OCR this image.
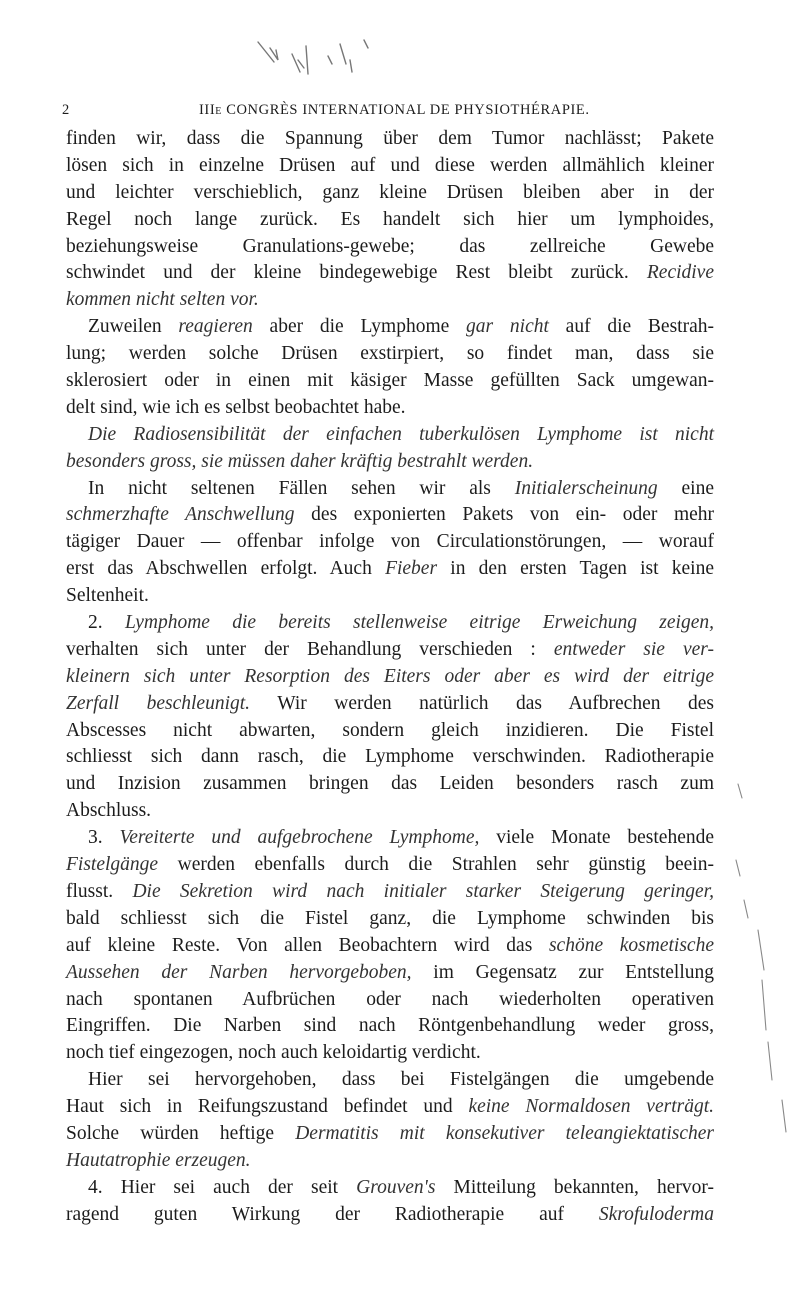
2	IIIe CONGRÈS INTERNATIONAL DE PHYSIOTHÉRAPIE.
finden wir, dass die Spannung über dem Tumor nachlässt; Pakete
lösen sich in einzelne Drüsen auf und diese werden allmählich kleiner
und leichter verschieblich, ganz kleine Drüsen bleiben aber in der
Regel noch lange zurück. Es handelt sich hier um lymphoides,
beziehungsweise Granulations-gewebe; das zellreiche Gewebe
schwindet und der kleine bindegewebige Rest bleibt zurück. Recidive
kommen nicht selten vor.
Zuweilen reagieren aber die Lymphome gar nicht auf die Bestrah-
lung; werden solche Drüsen exstirpiert, so findet man, dass sie
sklerosiert oder in einen mit käsiger Masse gefüllten Sack umgewan-
delt sind, wie ich es selbst beobachtet habe.
Die Radiosensibilität der einfachen tuberkulösen Lymphome ist nicht
besonders gross, sie müssen daher kräftig bestrahlt werden.
In nicht seltenen Fällen sehen wir als Initialerscheinung eine
schmerzhafte Anschwellung des exponierten Pakets von ein- oder mehr
tägiger Dauer — offenbar infolge von Circulationstörungen, — worauf
erst das Abschwellen erfolgt. Auch Fieber in den ersten Tagen ist keine
Seltenheit.
2. Lymphome die bereits stellenweise eitrige Erweichung zeigen,
verhalten sich unter der Behandlung verschieden : entweder sie ver-
kleinern sich unter Resorption des Eiters oder aber es wird der eitrige
Zerfall beschleunigt. Wir werden natürlich das Aufbrechen des
Abscesses nicht abwarten, sondern gleich inzidieren. Die Fistel
schliesst sich dann rasch, die Lymphome verschwinden. Radiotherapie
und Inzision zusammen bringen das Leiden besonders rasch zum
Abschluss.
3. Vereiterte und aufgebrochene Lymphome, viele Monate bestehende
Fistelgänge werden ebenfalls durch die Strahlen sehr günstig beein-
flusst. Die Sekretion wird nach initialer starker Steigerung geringer,
bald schliesst sich die Fistel ganz, die Lymphome schwinden bis
auf kleine Reste. Von allen Beobachtern wird das schöne kosmetische
Aussehen der Narben hervorgeboben, im Gegensatz zur Entstellung
nach spontanen Aufbrüchen oder nach wiederholten operativen
Eingriffen. Die Narben sind nach Röntgenbehandlung weder gross,
noch tief eingezogen, noch auch keloidartig verdicht.
Hier sei hervorgehoben, dass bei Fistelgängen die umgebende
Haut sich in Reifungszustand befindet und keine Normaldosen verträgt.
Solche würden heftige Dermatitis mit konsekutiver teleangiektatischer
Hautatrophie erzeugen.
4. Hier sei auch der seit Grouven's Mitteilung bekannten, hervor-
ragend guten Wirkung der Radiotherapie auf Skrofuloderma
